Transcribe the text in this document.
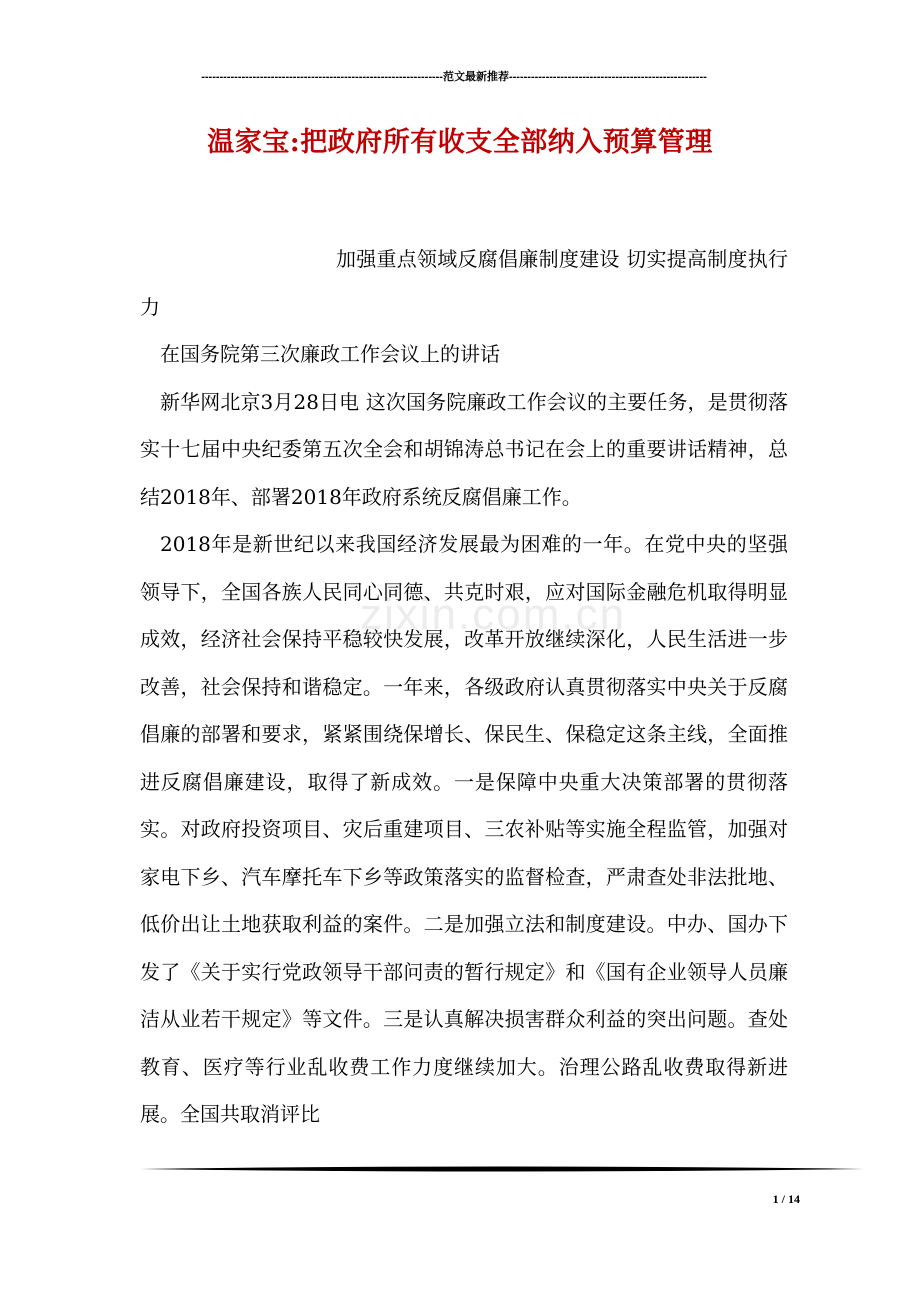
------------------------------------------------------------------范文最新推荐------------------------------------------------------
温家宝:把政府所有收支全部纳入预算管理
zixin.com.cn

加强重点领域反腐倡廉制度建设 切实提高制度执行力

在国务院第三次廉政工作会议上的讲话

新华网北京3月28日电 这次国务院廉政工作会议的主要任务，是贯彻落实十七届中央纪委第五次全会和胡锦涛总书记在会上的重要讲话精神，总结2018年、部署2018年政府系统反腐倡廉工作。

2018年是新世纪以来我国经济发展最为困难的一年。在党中央的坚强领导下，全国各族人民同心同德、共克时艰，应对国际金融危机取得明显成效，经济社会保持平稳较快发展，改革开放继续深化，人民生活进一步改善，社会保持和谐稳定。一年来，各级政府认真贯彻落实中央关于反腐倡廉的部署和要求，紧紧围绕保增长、保民生、保稳定这条主线，全面推进反腐倡廉建设，取得了新成效。一是保障中央重大决策部署的贯彻落实。对政府投资项目、灾后重建项目、三农补贴等实施全程监管，加强对家电下乡、汽车摩托车下乡等政策落实的监督检查，严肃查处非法批地、低价出让土地获取利益的案件。二是加强立法和制度建设。中办、国办下发了《关于实行党政领导干部问责的暂行规定》和《国有企业领导人员廉洁从业若干规定》等文件。三是认真解决损害群众利益的突出问题。查处教育、医疗等行业乱收费工作力度继续加大。治理公路乱收费取得新进展。全国共取消评比

1 / 14
